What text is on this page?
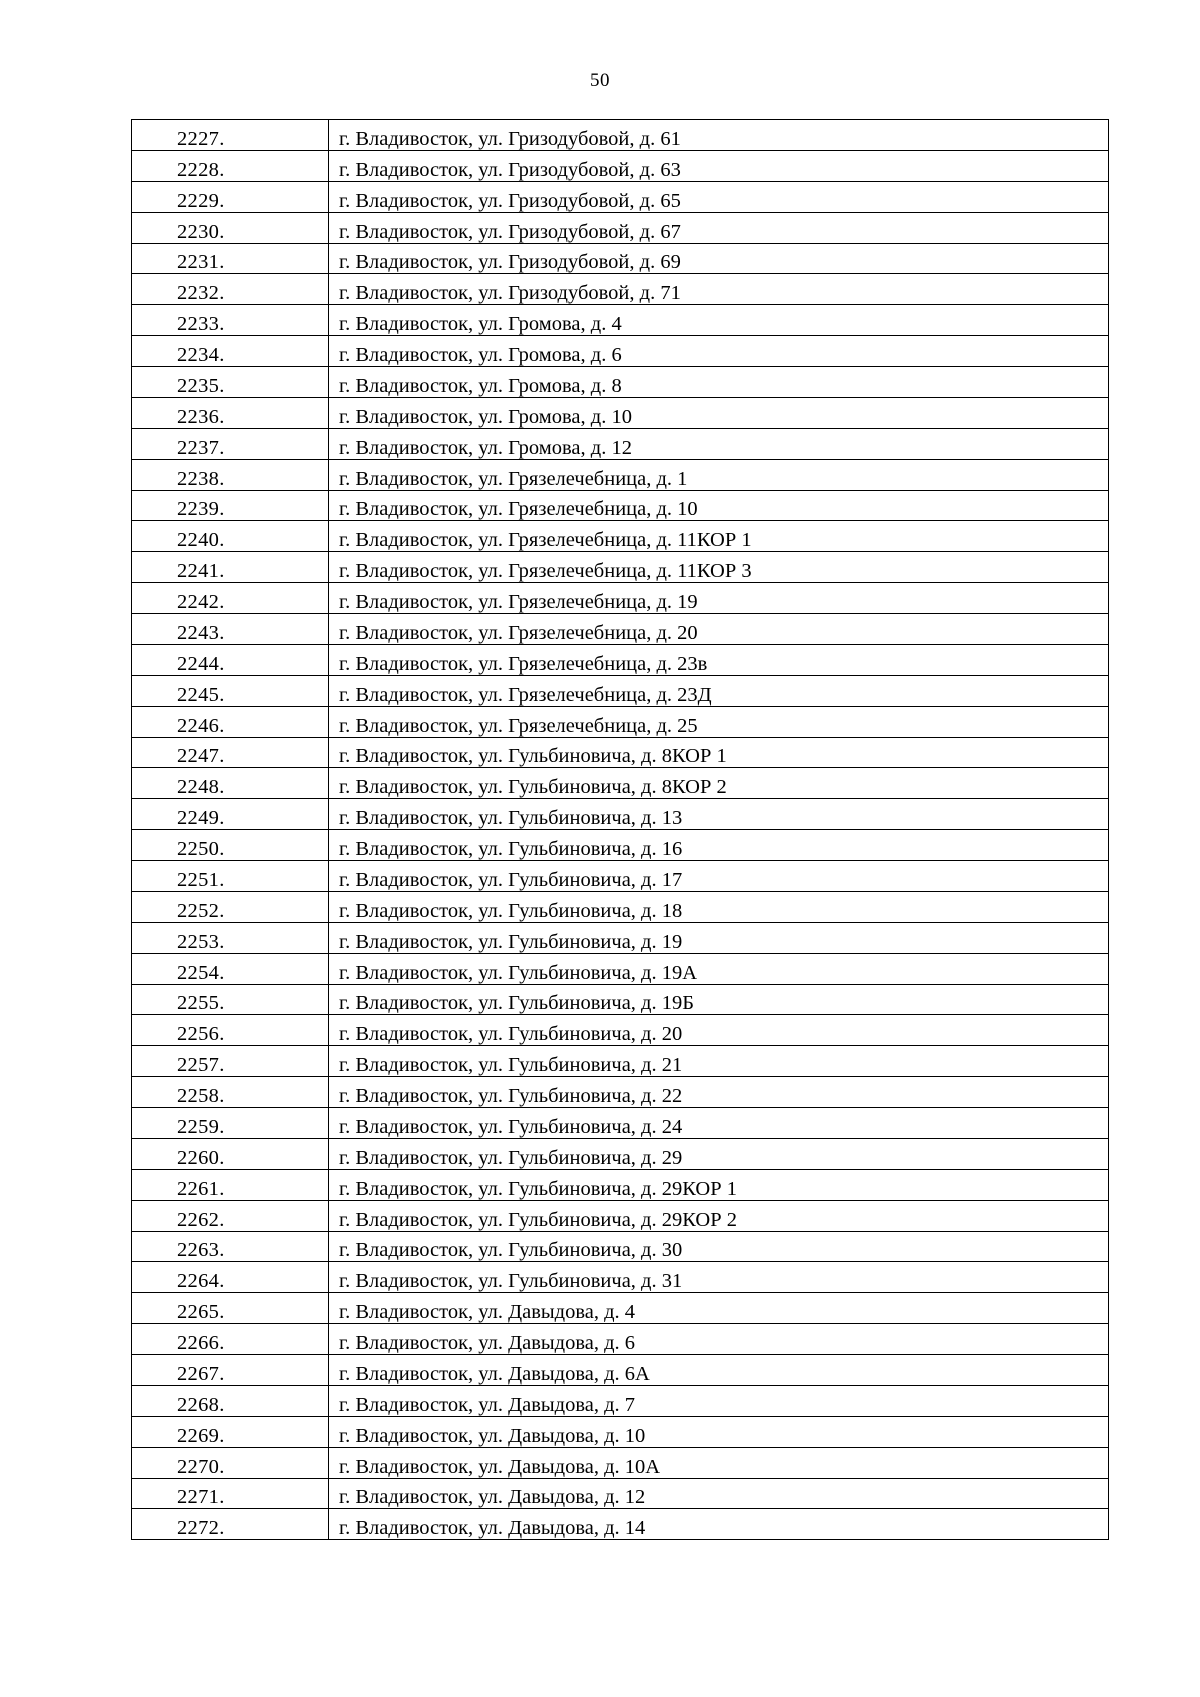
50
2227.	г. Владивосток, ул. Гризодубовой, д. 61
2228.	г. Владивосток, ул. Гризодубовой, д. 63
2229.	г. Владивосток, ул. Гризодубовой, д. 65
2230.	г. Владивосток, ул. Гризодубовой, д. 67
2231.	г. Владивосток, ул. Гризодубовой, д. 69
2232.	г. Владивосток, ул. Гризодубовой, д. 71
2233.	г. Владивосток, ул. Громова, д. 4
2234.	г. Владивосток, ул. Громова, д. 6
2235.	г. Владивосток, ул. Громова, д. 8
2236.	г. Владивосток, ул. Громова, д. 10
2237.	г. Владивосток, ул. Громова, д. 12
2238.	г. Владивосток, ул. Грязелечебница, д. 1
2239.	г. Владивосток, ул. Грязелечебница, д. 10
2240.	г. Владивосток, ул. Грязелечебница, д. 11КОР 1
2241.	г. Владивосток, ул. Грязелечебница, д. 11КОР 3
2242.	г. Владивосток, ул. Грязелечебница, д. 19
2243.	г. Владивосток, ул. Грязелечебница, д. 20
2244.	г. Владивосток, ул. Грязелечебница, д. 23в
2245.	г. Владивосток, ул. Грязелечебница, д. 23Д
2246.	г. Владивосток, ул. Грязелечебница, д. 25
2247.	г. Владивосток, ул. Гульбиновича, д. 8КОР 1
2248.	г. Владивосток, ул. Гульбиновича, д. 8КОР 2
2249.	г. Владивосток, ул. Гульбиновича, д. 13
2250.	г. Владивосток, ул. Гульбиновича, д. 16
2251.	г. Владивосток, ул. Гульбиновича, д. 17
2252.	г. Владивосток, ул. Гульбиновича, д. 18
2253.	г. Владивосток, ул. Гульбиновича, д. 19
2254.	г. Владивосток, ул. Гульбиновича, д. 19А
2255.	г. Владивосток, ул. Гульбиновича, д. 19Б
2256.	г. Владивосток, ул. Гульбиновича, д. 20
2257.	г. Владивосток, ул. Гульбиновича, д. 21
2258.	г. Владивосток, ул. Гульбиновича, д. 22
2259.	г. Владивосток, ул. Гульбиновича, д. 24
2260.	г. Владивосток, ул. Гульбиновича, д. 29
2261.	г. Владивосток, ул. Гульбиновича, д. 29КОР 1
2262.	г. Владивосток, ул. Гульбиновича, д. 29КОР 2
2263.	г. Владивосток, ул. Гульбиновича, д. 30
2264.	г. Владивосток, ул. Гульбиновича, д. 31
2265.	г. Владивосток, ул. Давыдова, д. 4
2266.	г. Владивосток, ул. Давыдова, д. 6
2267.	г. Владивосток, ул. Давыдова, д. 6А
2268.	г. Владивосток, ул. Давыдова, д. 7
2269.	г. Владивосток, ул. Давыдова, д. 10
2270.	г. Владивосток, ул. Давыдова, д. 10А
2271.	г. Владивосток, ул. Давыдова, д. 12
2272.	г. Владивосток, ул. Давыдова, д. 14
